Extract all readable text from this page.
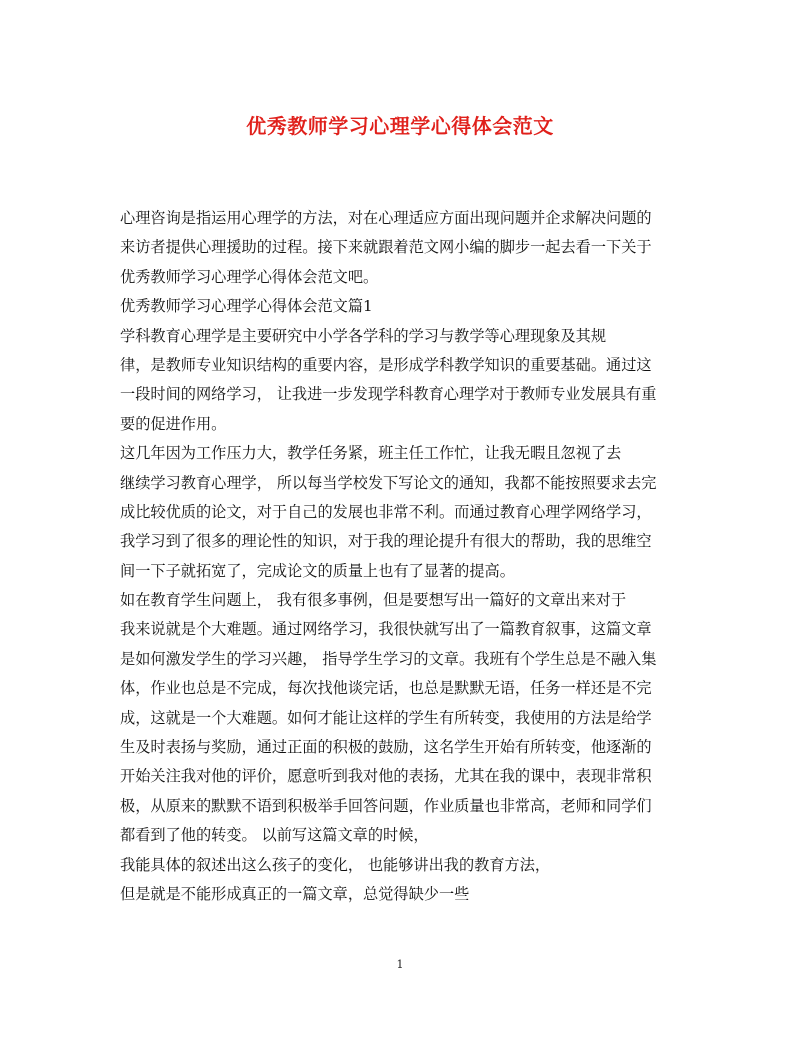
优秀教师学习心理学心得体会范文
心理咨询是指运用心理学的方法，对在心理适应方面出现问题并企求解决问题的
来访者提供心理援助的过程。接下来就跟着范文网小编的脚步一起去看一下关于
优秀教师学习心理学心得体会范文吧。
优秀教师学习心理学心得体会范文篇1
学科教育心理学是主要研究中小学各学科的学习与教学等心理现象及其规
律，是教师专业知识结构的重要内容，是形成学科教学知识的重要基础。通过这
一段时间的网络学习， 让我进一步发现学科教育心理学对于教师专业发展具有重
要的促进作用。
这几年因为工作压力大，教学任务紧，班主任工作忙，让我无暇且忽视了去
继续学习教育心理学， 所以每当学校发下写论文的通知，我都不能按照要求去完
成比较优质的论文，对于自己的发展也非常不利。而通过教育心理学网络学习，
我学习到了很多的理论性的知识，对于我的理论提升有很大的帮助，我的思维空
间一下子就拓宽了，完成论文的质量上也有了显著的提高。
如在教育学生问题上， 我有很多事例，但是要想写出一篇好的文章出来对于
我来说就是个大难题。通过网络学习，我很快就写出了一篇教育叙事，这篇文章
是如何激发学生的学习兴趣， 指导学生学习的文章。我班有个学生总是不融入集
体，作业也总是不完成，每次找他谈完话，也总是默默无语，任务一样还是不完
成，这就是一个大难题。如何才能让这样的学生有所转变，我使用的方法是给学
生及时表扬与奖励，通过正面的积极的鼓励，这名学生开始有所转变，他逐渐的
开始关注我对他的评价，愿意听到我对他的表扬，尤其在我的课中，表现非常积
极，从原来的默默不语到积极举手回答问题，作业质量也非常高，老师和同学们
都看到了他的转变。 以前写这篇文章的时候，
我能具体的叙述出这么孩子的变化， 也能够讲出我的教育方法，
但是就是不能形成真正的一篇文章，总觉得缺少一些
1
